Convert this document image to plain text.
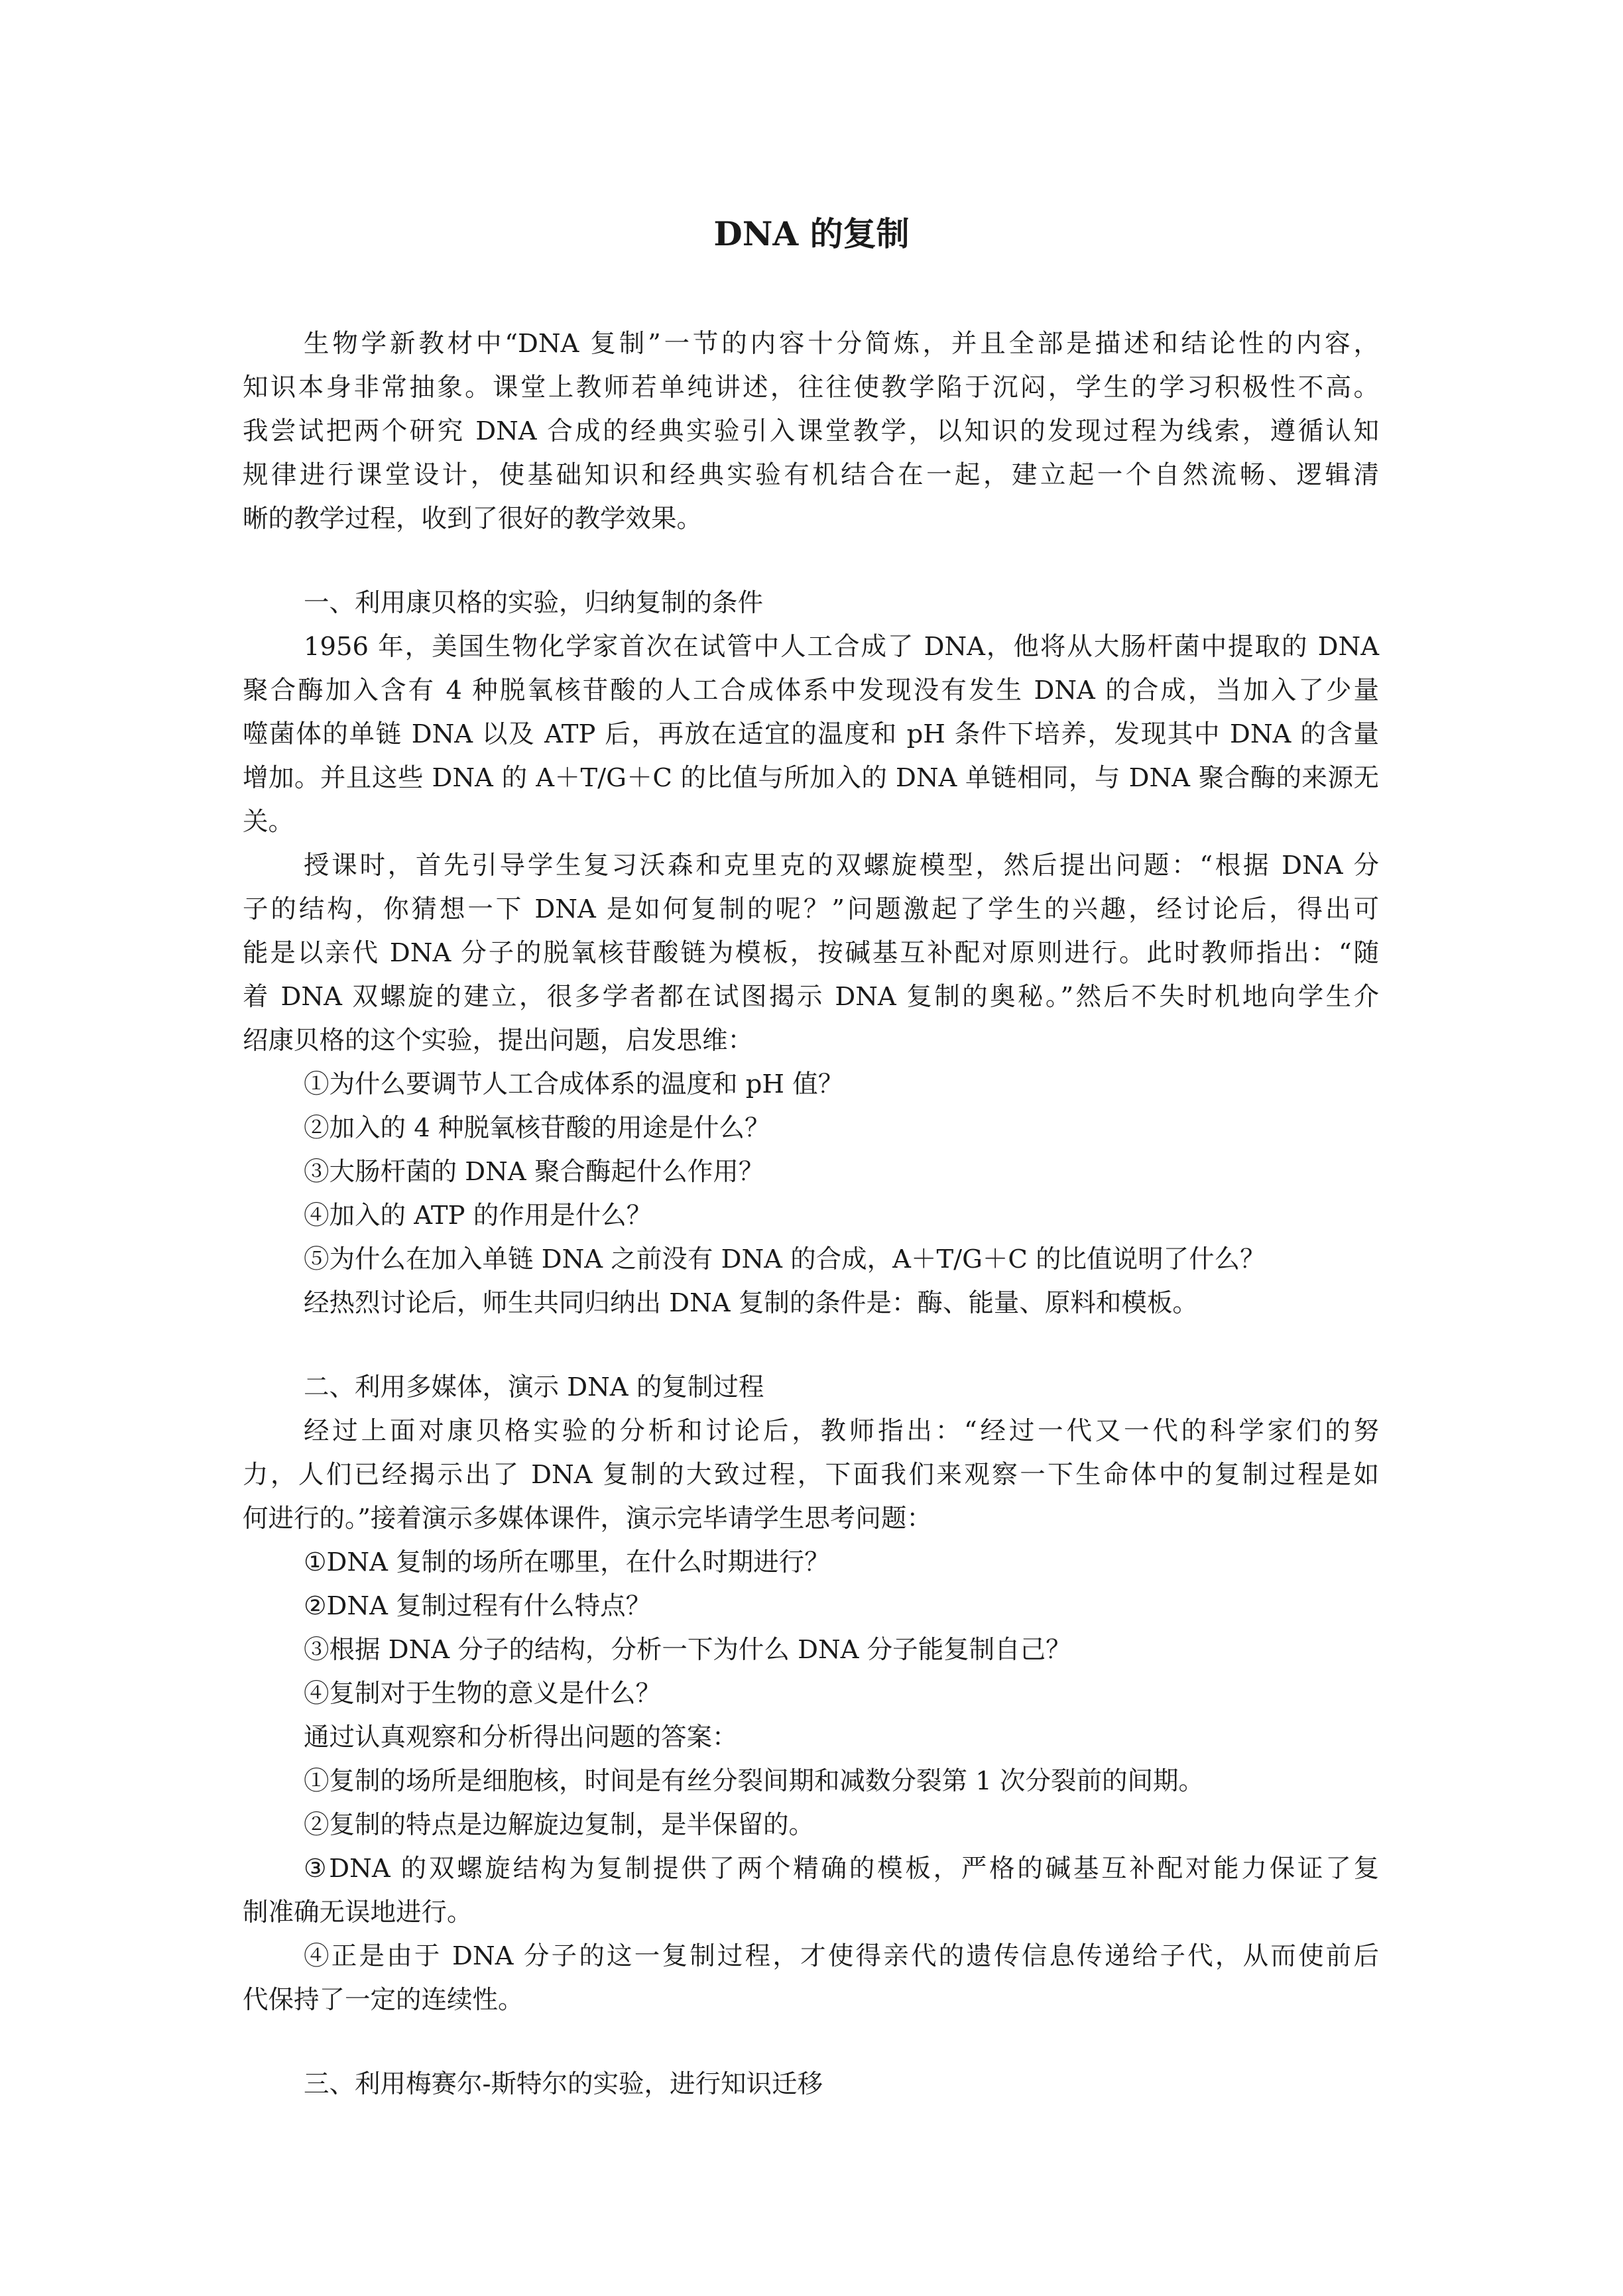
DNA 的复制

生物学新教材中“DNA 复制”一节的内容十分简炼，并且全部是描述和结论性的内容，

知识本身非常抽象。课堂上教师若单纯讲述，往往使教学陷于沉闷，学生的学习积极性不高。

我尝试把两个研究 DNA 合成的经典实验引入课堂教学，以知识的发现过程为线索，遵循认知

规律进行课堂设计，使基础知识和经典实验有机结合在一起，建立起一个自然流畅、逻辑清

晰的教学过程，收到了很好的教学效果。

一、利用康贝格的实验，归纳复制的条件

1956 年，美国生物化学家首次在试管中人工合成了 DNA，他将从大肠杆菌中提取的 DNA

聚合酶加入含有 4 种脱氧核苷酸的人工合成体系中发现没有发生 DNA 的合成，当加入了少量

噬菌体的单链 DNA 以及 ATP 后，再放在适宜的温度和 pH 条件下培养，发现其中 DNA 的含量

增加。并且这些 DNA 的 A＋T/G＋C 的比值与所加入的 DNA 单链相同，与 DNA 聚合酶的来源无

关。

授课时，首先引导学生复习沃森和克里克的双螺旋模型，然后提出问题：“根据 DNA 分

子的结构，你猜想一下 DNA 是如何复制的呢？”问题激起了学生的兴趣，经讨论后，得出可

能是以亲代 DNA 分子的脱氧核苷酸链为模板，按碱基互补配对原则进行。此时教师指出：“随

着 DNA 双螺旋的建立，很多学者都在试图揭示 DNA 复制的奥秘。”然后不失时机地向学生介

绍康贝格的这个实验，提出问题，启发思维：

①为什么要调节人工合成体系的温度和 pH 值？

②加入的 4 种脱氧核苷酸的用途是什么？

③大肠杆菌的 DNA 聚合酶起什么作用？

④加入的 ATP 的作用是什么？

⑤为什么在加入单链 DNA 之前没有 DNA 的合成，A＋T/G＋C 的比值说明了什么？

经热烈讨论后，师生共同归纳出 DNA 复制的条件是：酶、能量、原料和模板。

二、利用多媒体，演示 DNA 的复制过程

经过上面对康贝格实验的分析和讨论后，教师指出：“经过一代又一代的科学家们的努

力，人们已经揭示出了 DNA 复制的大致过程，下面我们来观察一下生命体中的复制过程是如

何进行的。”接着演示多媒体课件，演示完毕请学生思考问题：

①DNA 复制的场所在哪里，在什么时期进行？

②DNA 复制过程有什么特点？

③根据 DNA 分子的结构，分析一下为什么 DNA 分子能复制自己？

④复制对于生物的意义是什么？

通过认真观察和分析得出问题的答案：

①复制的场所是细胞核，时间是有丝分裂间期和减数分裂第 1 次分裂前的间期。

②复制的特点是边解旋边复制，是半保留的。

③DNA 的双螺旋结构为复制提供了两个精确的模板，严格的碱基互补配对能力保证了复

制准确无误地进行。

④正是由于 DNA 分子的这一复制过程，才使得亲代的遗传信息传递给子代，从而使前后

代保持了一定的连续性。

三、利用梅赛尔-斯特尔的实验，进行知识迁移
